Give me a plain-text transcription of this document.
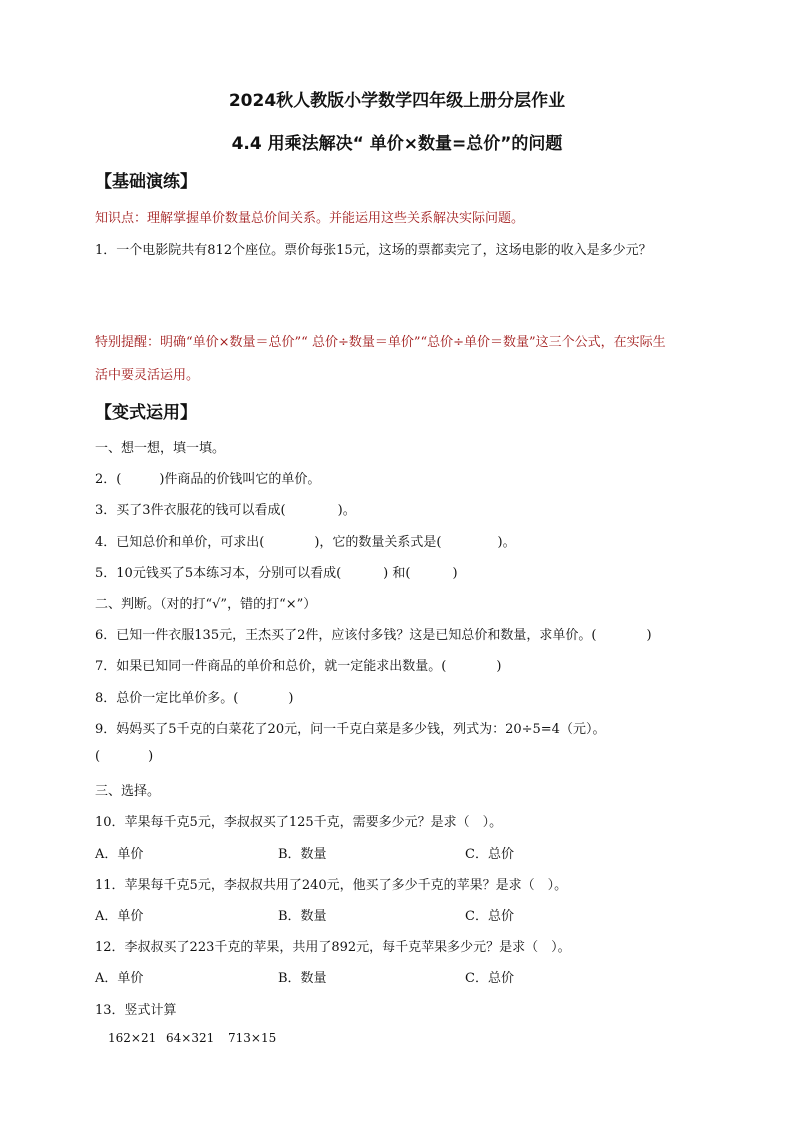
2024秋人教版小学数学四年级上册分层作业
4.4 用乘法解决“ 单价×数量=总价”的问题
【基础演练】
知识点：理解掌握单价数量总价间关系。并能运用这些关系解决实际问题。
1．一个电影院共有812个座位。票价每张15元，这场的票都卖完了，这场电影的收入是多少元？
特别提醒：明确“单价×数量＝总价”“ 总价÷数量＝单价”“总价÷单价＝数量”这三个公式，在实际生
活中要灵活运用。
【变式运用】
一、想一想，填一填。
2．(	)件商品的价钱叫它的单价。
3．买了3件衣服花的钱可以看成(	)。
4．已知总价和单价，可求出(	)，它的数量关系式是(	)。
5．10元钱买了5本练习本，分别可以看成(	) 和(	)
二、判断。（对的打“√”，错的打“×”）
6．已知一件衣服135元，王杰买了2件，应该付多钱？这是已知总价和数量，求单价。(	)
7．如果已知同一件商品的单价和总价，就一定能求出数量。(	)
8．总价一定比单价多。(	)
9．妈妈买了5千克的白菜花了20元，问一千克白菜是多少钱，列式为：20÷5=4（元）。
(	)
三、选择。
10．苹果每千克5元，李叔叔买了125千克，需要多少元？是求（　）。
A．单价	B．数量	C．总价
11．苹果每千克5元，李叔叔共用了240元，他买了多少千克的苹果？是求（　）。
A．单价	B．数量	C．总价
12．李叔叔买了223千克的苹果，共用了892元，每千克苹果多少元？是求（　）。
A．单价	B．数量	C．总价
13．竖式计算
162×21 64×321 713×15
